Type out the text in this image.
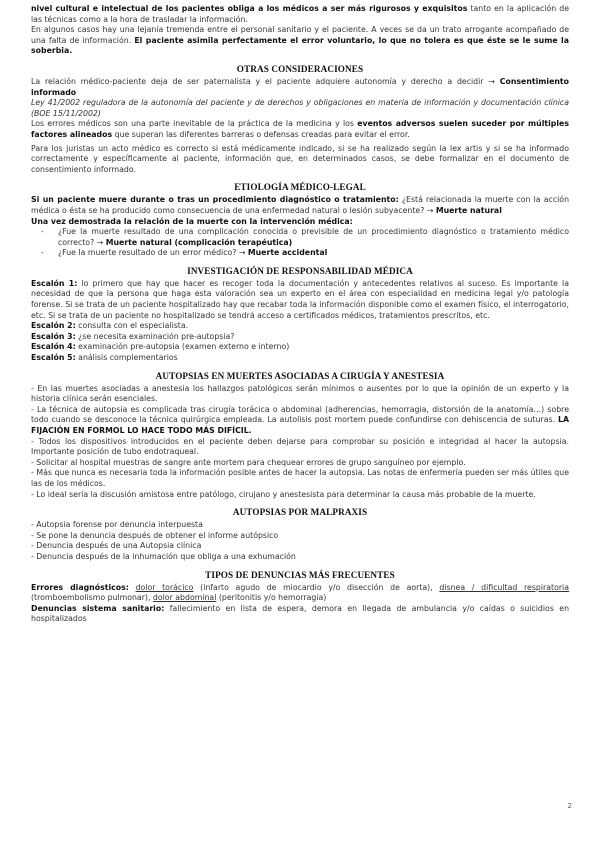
nivel cultural e intelectual de los pacientes obliga a los médicos a ser más rigurosos y exquisitos tanto en la aplicación de las técnicas como a la hora de trasladar la información.

En algunos casos hay una lejanía tremenda entre el personal sanitario y el paciente. A veces se da un trato arrogante acompañado de una falta de información. El paciente asimila perfectamente el error voluntario, lo que no tolera es que éste se le sume la soberbia.

OTRAS CONSIDERACIONES

La relación médico-paciente deja de ser paternalista y el paciente adquiere autonomía y derecho a decidir → Consentimiento informado

Ley 41/2002 reguladora de la autonomía del paciente y de derechos y obligaciones en materia de información y documentación clínica (BOE 15/11/2002)

Los errores médicos son una parte inevitable de la práctica de la medicina y los eventos adversos suelen suceder por múltiples factores alineados que superan las diferentes barreras o defensas creadas para evitar el error.

Para los juristas un acto médico es correcto si está médicamente indicado, si se ha realizado según la lex artis y si se ha informado correctamente y específicamente al paciente, información que, en determinados casos, se debe formalizar en el documento de consentimiento informado.

ETIOLOGÍA MÉDICO-LEGAL

Si un paciente muere durante o tras un procedimiento diagnóstico o tratamiento: ¿Está relacionada la muerte con la acción médica o ésta se ha producido como consecuencia de una enfermedad natural o lesión subyacente? → Muerte natural

Una vez demostrada la relación de la muerte con la intervención médica:

- ¿Fue la muerte resultado de una complicación conocida o previsible de un procedimiento diagnóstico o tratamiento médico correcto? → Muerte natural (complicación terapéutica)
- ¿Fue la muerte resultado de un error médico? → Muerte accidental
INVESTIGACIÓN DE RESPONSABILIDAD MÉDICA

Escalón 1: lo primero que hay que hacer es recoger toda la documentación y antecedentes relativos al suceso. Es importante la necesidad de que la persona que haga esta valoración sea un experto en el área con especialidad en medicina legal y/o patología forense. Si se trata de un paciente hospitalizado hay que recabar toda la información disponible como el examen físico, el interrogatorio, etc. Si se trata de un paciente no hospitalizado se tendrá acceso a certificados médicos, tratamientos prescritos, etc.

Escalón 2: consulta con el especialista.

Escalón 3: ¿se necesita examinación pre-autopsia?

Escalón 4: examinación pre-autopsia (examen externo e interno)

Escalón 5: análisis complementarios

AUTOPSIAS EN MUERTES ASOCIADAS A CIRUGÍA Y ANESTESIA

- En las muertes asociadas a anestesia los hallazgos patológicos serán mínimos o ausentes por lo que la opinión de un experto y la historia clínica serán esenciales.

- La técnica de autopsia es complicada tras cirugía torácica o abdominal (adherencias, hemorragia, distorsión de la anatomía…) sobre todo cuando se desconoce la técnica quirúrgica empleada. La autolisis post mortem puede confundirse con dehiscencia de suturas. LA FIJACIÓN EN FORMOL LO HACE TODO MÁS DIFÍCIL.

- Todos los dispositivos introducidos en el paciente deben dejarse para comprobar su posición e integridad al hacer la autopsia. Importante posición de tubo endotraqueal.

- Solicitar al hospital muestras de sangre ante mortem para chequear errores de grupo sanguíneo por ejemplo.

- Más que nunca es necesaria toda la información posible antes de hacer la autopsia. Las notas de enfermería pueden ser más útiles que las de los médicos.

- Lo ideal sería la discusión amistosa entre patólogo, cirujano y anestesista para determinar la causa más probable de la muerte.

AUTOPSIAS POR MALPRAXIS

- Autopsia forense por denuncia interpuesta

- Se pone la denuncia después de obtener el informe autópsico

- Denuncia después de una Autopsia clínica

- Denuncia después de la inhumación que obliga a una exhumación

TIPOS DE DENUNCIAS MÁS FRECUENTES

Errores diagnósticos: dolor torácico (infarto agudo de miocardio y/o disección de aorta), disnea / dificultad respiratoria (tromboembolismo pulmonar), dolor abdominal (peritonitis y/o hemorragia)

Denuncias sistema sanitario: fallecimiento en lista de espera, demora en llegada de ambulancia y/o caídas o suicidios en hospitalizados

2
